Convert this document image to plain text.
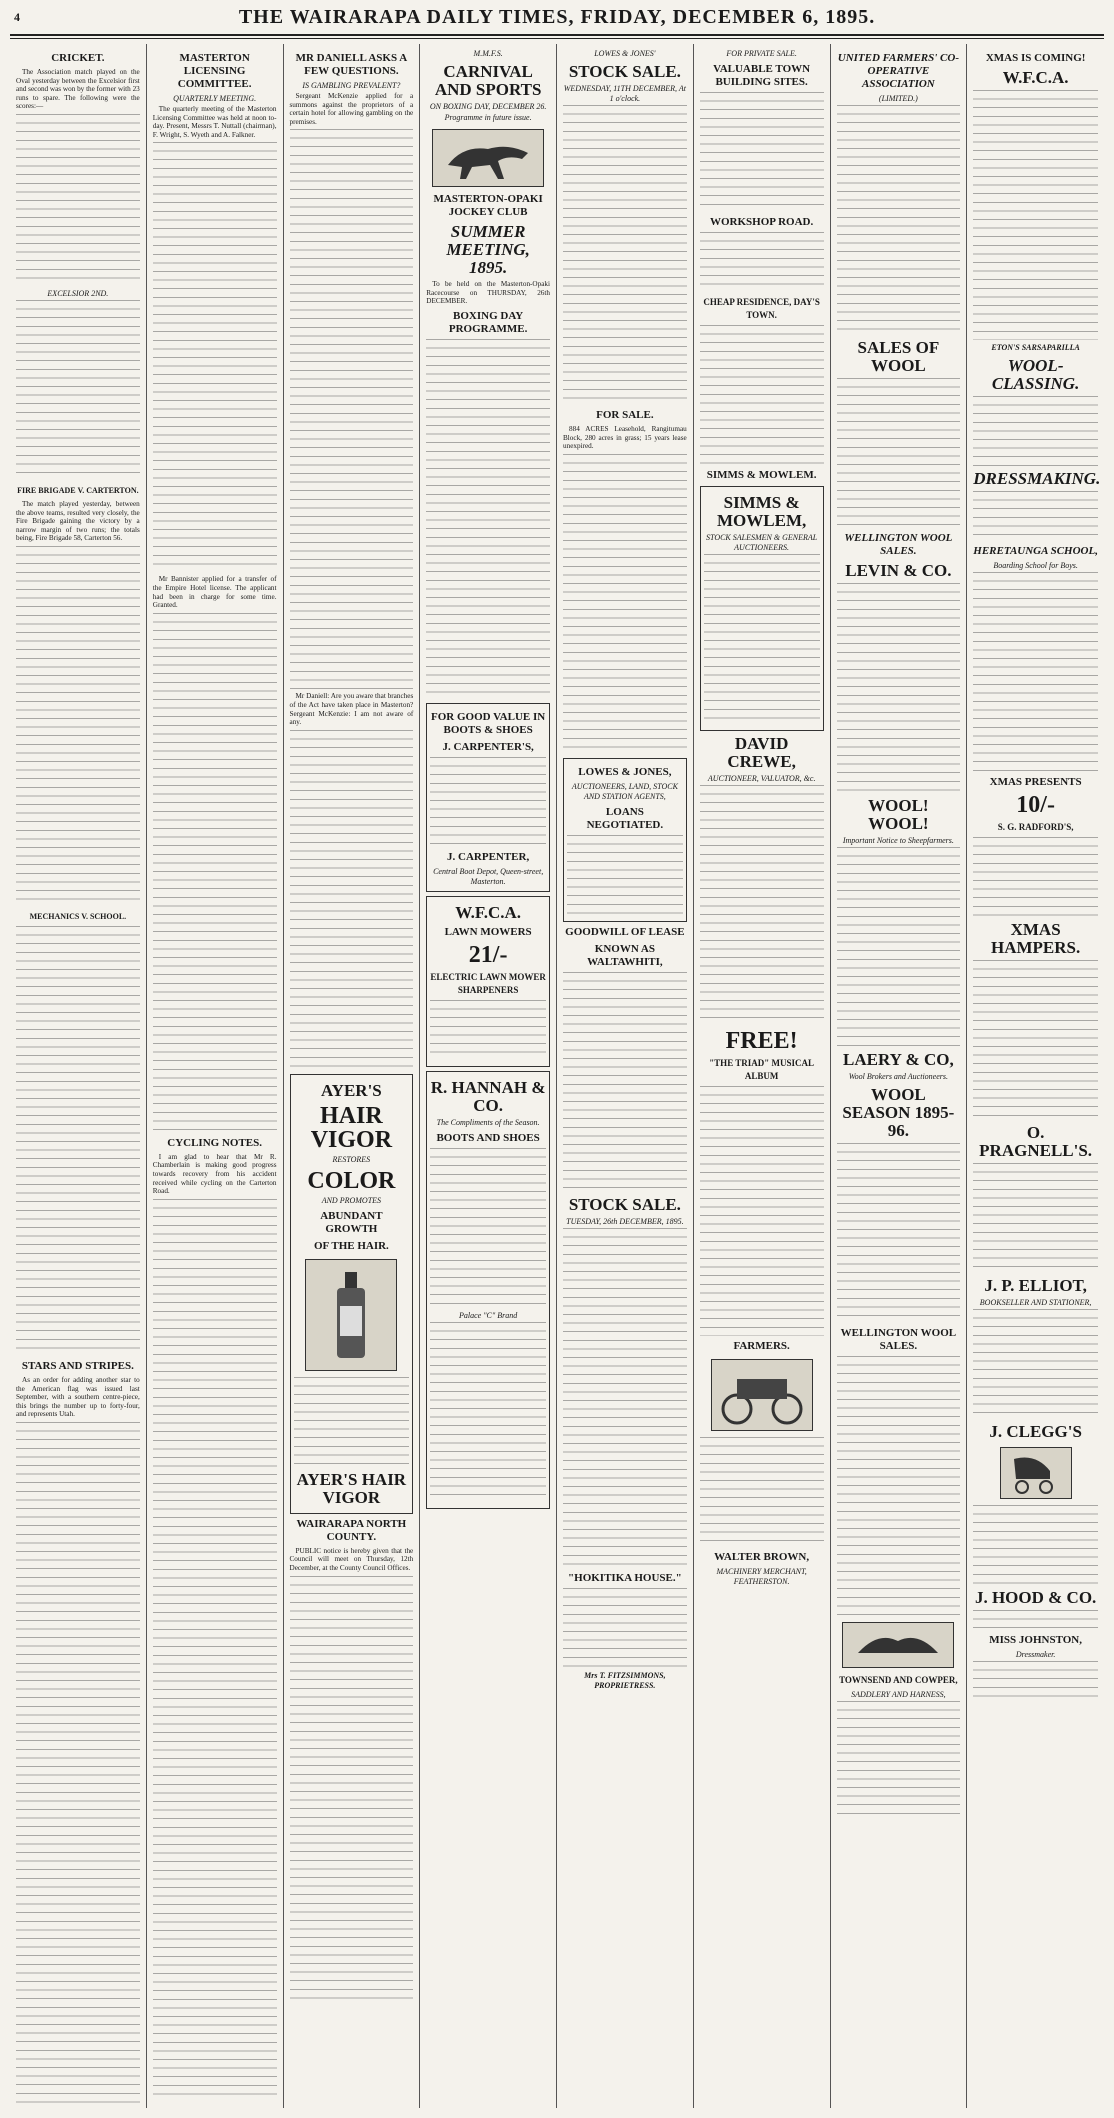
4	THE WAIRARAPA DAILY TIMES, FRIDAY, DECEMBER 6, 1895.
CRICKET.

The Association match played on the Oval yesterday between the Excelsior first and second was won by the former with 23 runs to spare. The following were the scores:—

EXCELSIOR 2ND.
FIRE BRIGADE V. CARTERTON.

The match played yesterday, between the above teams, resulted very closely, the Fire Brigade gaining the victory by a narrow margin of two runs; the totals being, Fire Brigade 58, Carterton 56.

MECHANICS V. SCHOOL.
STARS AND STRIPES.

As an order for adding another star to the American flag was issued last September, with a southern centre-piece, this brings the number up to forty-four, and represents Utah.

MASTERTON LICENSING COMMITTEE.
QUARTERLY MEETING.

The quarterly meeting of the Masterton Licensing Committee was held at noon to-day. Present, Messrs T. Nuttall (chairman), F. Wright, S. Wyeth and A. Falkner.

Mr Bannister applied for a transfer of the Empire Hotel license. The applicant had been in charge for some time. Granted.

CYCLING NOTES.

I am glad to hear that Mr R. Chamberlain is making good progress towards recovery from his accident received while cycling on the Carterton Road.

MR DANIELL ASKS A FEW QUESTIONS.
IS GAMBLING PREVALENT?

Sergeant McKenzie applied for a summons against the proprietors of a certain hotel for allowing gambling on the premises.

Mr Daniell: Are you aware that branches of the Act have taken place in Masterton? Sergeant McKenzie: I am not aware of any.

AYER'S
HAIR VIGOR
RESTORES
COLOR
AND PROMOTES
ABUNDANT GROWTH
OF THE HAIR.
AYER'S HAIR VIGOR
WAIRARAPA NORTH COUNTY.

PUBLIC notice is hereby given that the Council will meet on Thursday, 12th December, at the County Council Offices.

M.M.F.S.
CARNIVAL AND SPORTS
ON BOXING DAY, DECEMBER 26.
Programme in future issue.
MASTERTON-OPAKI JOCKEY CLUB
SUMMER MEETING, 1895.

To be held on the Masterton-Opaki Racecourse on THURSDAY, 26th DECEMBER.

BOXING DAY PROGRAMME.
FOR GOOD VALUE IN BOOTS & SHOES
J. CARPENTER'S,
J. CARPENTER,
Central Boot Depot, Queen-street, Masterton.
W.F.C.A.
LAWN MOWERS
21/-
ELECTRIC LAWN MOWER SHARPENERS
R. HANNAH & CO.
The Compliments of the Season.
BOOTS AND SHOES
Palace "C" Brand
LOWES & JONES'
STOCK SALE.
WEDNESDAY, 11TH DECEMBER, At 1 o'clock.
FOR SALE.

884 ACRES Leasehold, Rangitumau Block, 280 acres in grass; 15 years lease unexpired.

LOWES & JONES,
AUCTIONEERS, LAND, STOCK AND STATION AGENTS,
LOANS NEGOTIATED.
GOODWILL OF LEASE
KNOWN AS WALTAWHITI,
STOCK SALE.
TUESDAY, 26th DECEMBER, 1895.
"HOKITIKA HOUSE."
Mrs T. FITZSIMMONS, PROPRIETRESS.
FOR PRIVATE SALE.
VALUABLE TOWN BUILDING SITES.
WORKSHOP ROAD.
CHEAP RESIDENCE, DAY'S TOWN.
SIMMS & MOWLEM.
SIMMS & MOWLEM,
STOCK SALESMEN & GENERAL AUCTIONEERS.
DAVID CREWE,
AUCTIONEER, VALUATOR, &c.
FREE!
"THE TRIAD" MUSICAL ALBUM
FARMERS.
WALTER BROWN,
MACHINERY MERCHANT, FEATHERSTON.
UNITED FARMERS' CO-OPERATIVE ASSOCIATION
(LIMITED.)
SALES OF WOOL
WELLINGTON WOOL SALES.
LEVIN & CO.
WOOL! WOOL!
Important Notice to Sheepfarmers.
LAERY & CO,
Wool Brokers and Auctioneers.
WOOL SEASON 1895-96.
WELLINGTON WOOL SALES.
TOWNSEND AND COWPER,
SADDLERY AND HARNESS,
XMAS IS COMING!
W.F.C.A.
ETON'S SARSAPARILLA
WOOL-CLASSING.
DRESSMAKING.
HERETAUNGA SCHOOL,
Boarding School for Boys.
XMAS PRESENTS
10/-
S. G. RADFORD'S,
XMAS HAMPERS.
O. PRAGNELL'S.
J. P. ELLIOT,
BOOKSELLER AND STATIONER,
J. CLEGG'S
J. HOOD & CO.
MISS JOHNSTON,
Dressmaker.
